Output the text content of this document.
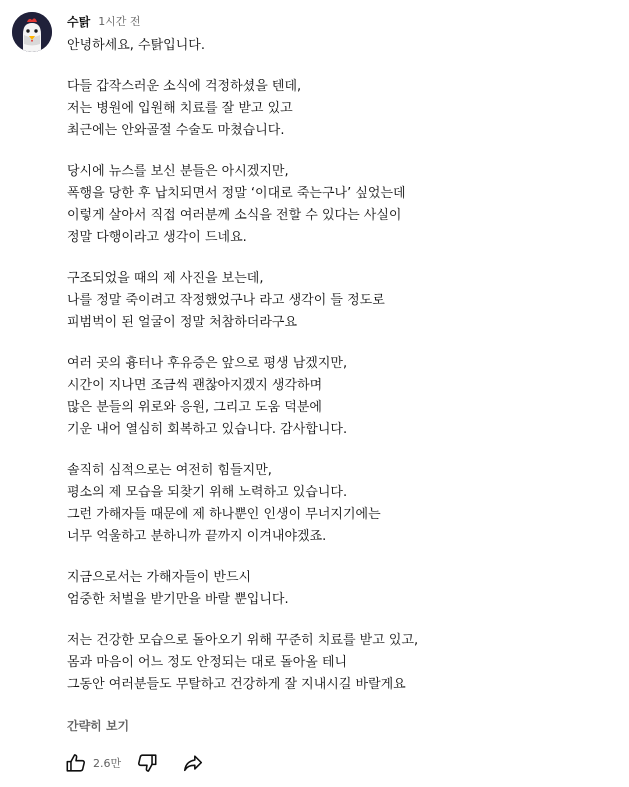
수탉 1시간 전
안녕하세요, 수탉입니다.
다들 갑작스러운 소식에 걱정하셨을 텐데,
저는 병원에 입원해 치료를 잘 받고 있고
최근에는 안와골절 수술도 마쳤습니다.
당시에 뉴스를 보신 분들은 아시겠지만,
폭행을 당한 후 납치되면서 정말 ‘이대로 죽는구나’ 싶었는데
이렇게 살아서 직접 여러분께 소식을 전할 수 있다는 사실이
정말 다행이라고 생각이 드네요.
구조되었을 때의 제 사진을 보는데,
나를 정말 죽이려고 작정했었구나 라고 생각이 들 정도로
피범벅이 된 얼굴이 정말 처참하더라구요
여러 곳의 흉터나 후유증은 앞으로 평생 남겠지만,
시간이 지나면 조금씩 괜찮아지겠지 생각하며
많은 분들의 위로와 응원, 그리고 도움 덕분에
기운 내어 열심히 회복하고 있습니다. 감사합니다.
솔직히 심적으로는 여전히 힘들지만,
평소의 제 모습을 되찾기 위해 노력하고 있습니다.
그런 가해자들 때문에 제 하나뿐인 인생이 무너지기에는
너무 억울하고 분하니까 끝까지 이겨내야겠죠.
지금으로서는 가해자들이 반드시
엄중한 처벌을 받기만을 바랄 뿐입니다.
저는 건강한 모습으로 돌아오기 위해 꾸준히 치료를 받고 있고,
몸과 마음이 어느 정도 안정되는 대로 돌아올 테니
그동안 여러분들도 무탈하고 건강하게 잘 지내시길 바랄게요
간략히 보기
2.6만
